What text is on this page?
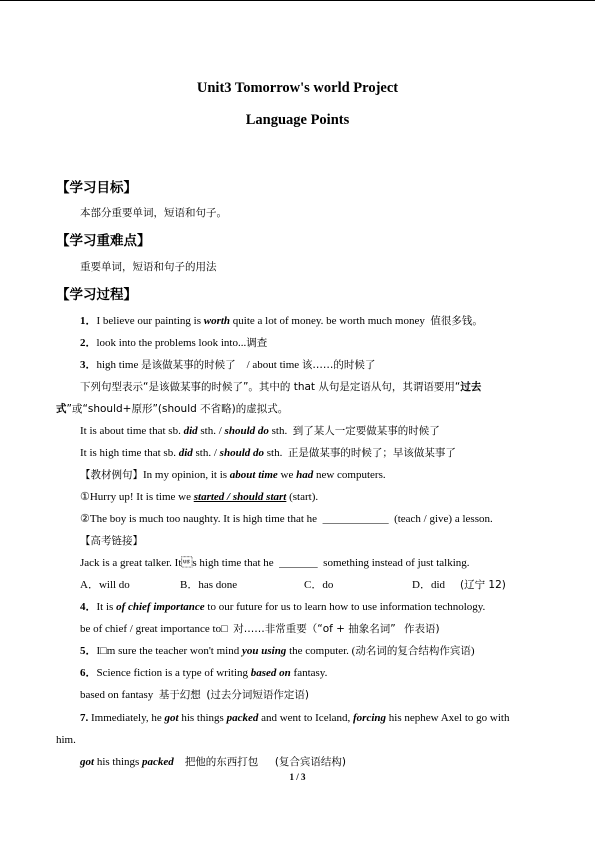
Unit3 Tomorrow's world Project
Language Points
【学习目标】
本部分重要单词，短语和句子。
【学习重难点】
重要单词，短语和句子的用法
【学习过程】
1．I believe our painting is worth quite a lot of money. be worth much money 值很多钱。
2．look into the problems look into...调查
3．high time 是该做某事的时候了 / about time 该……的时候了
下列句型表示“是该做某事的时候了”。其中的 that 从句是定语从句，其谓语要用“过去
式”或“should+原形”(should 不省略)的虚拟式。
It is about time that sb. did sth. / should do sth. 到了某人一定要做某事的时候了
It is high time that sb. did sth. / should do sth. 正是做某事的时候了；早该做某事了
【教材例句】In my opinion, it is about time we had new computers.
①Hurry up! It is time we started / should start (start).
②The boy is much too naughty. It is high time that he ____________ (teach / give) a lesson.
【高考链接】
Jack is a great talker. Its high time that he _______ something instead of just talking.
A．will do	B．has done	C．do	D．did (辽宁 12)
4．It is of chief importance to our future for us to learn how to use information technology.
be of chief / great importance to□ 对……非常重要（“of + 抽象名词” 作表语)
5．I□m sure the teacher won't mind you using the computer. (动名词的复合结构作宾语)
6．Science fiction is a type of writing based on fantasy.
based on fantasy 基于幻想 (过去分词短语作定语)
7. Immediately, he got his things packed and went to Iceland, forcing his nephew Axel to go with
him.
got his things packed 把他的东西打包 (复合宾语结构)
1 / 3
